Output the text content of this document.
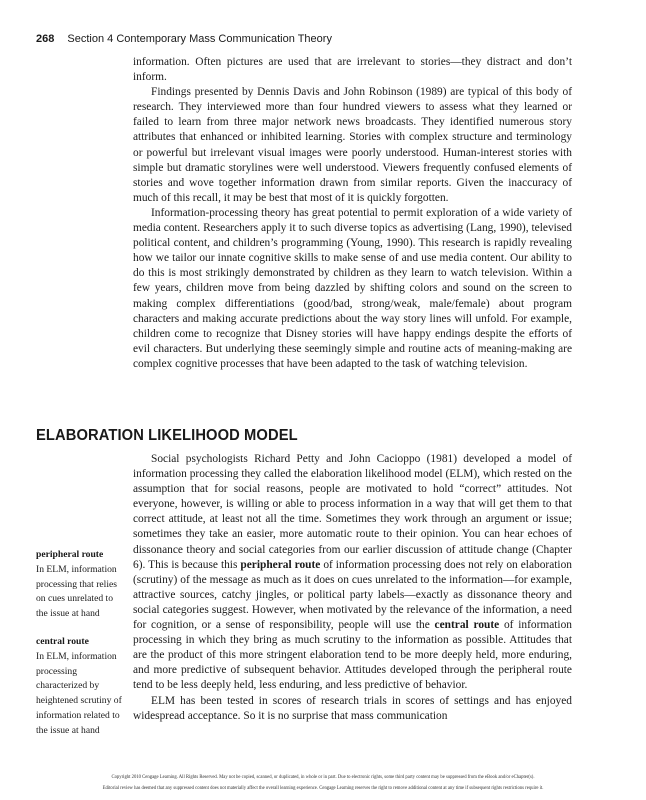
268 Section 4 Contemporary Mass Communication Theory

information. Often pictures are used that are irrelevant to stories—they distract and don’t inform.

Findings presented by Dennis Davis and John Robinson (1989) are typical of this body of research. They interviewed more than four hundred viewers to assess what they learned or failed to learn from three major network news broadcasts. They identified numerous story attributes that enhanced or inhibited learning. Stories with complex structure and terminology or powerful but irrelevant visual images were poorly understood. Human-interest stories with simple but dramatic storylines were well understood. Viewers frequently confused elements of stories and wove together information drawn from similar reports. Given the inaccuracy of much of this recall, it may be best that most of it is quickly forgotten.

Information-processing theory has great potential to permit exploration of a wide variety of media content. Researchers apply it to such diverse topics as advertising (Lang, 1990), televised political content, and children’s programming (Young, 1990). This research is rapidly revealing how we tailor our innate cognitive skills to make sense of and use media content. Our ability to do this is most strikingly demonstrated by children as they learn to watch television. Within a few years, children move from being dazzled by shifting colors and sound on the screen to making complex differentiations (good/bad, strong/weak, male/female) about program characters and making accurate predictions about the way story lines will unfold. For example, children come to recognize that Disney stories will have happy endings despite the efforts of evil characters. But underlying these seemingly simple and routine acts of meaning-making are complex cognitive processes that have been adapted to the task of watching television.

ELABORATION LIKELIHOOD MODEL

Social psychologists Richard Petty and John Cacioppo (1981) developed a model of information processing they called the elaboration likelihood model (ELM), which rested on the assumption that for social reasons, people are motivated to hold “correct” attitudes. Not everyone, however, is willing or able to process information in a way that will get them to that correct attitude, at least not all the time. Sometimes they work through an argument or issue; sometimes they take an easier, more automatic route to their opinion. You can hear echoes of dissonance theory and social categories from our earlier discussion of attitude change (Chapter 6). This is because this peripheral route of information processing does not rely on elaboration (scrutiny) of the message as much as it does on cues unrelated to the information—for example, attractive sources, catchy jingles, or political party labels—exactly as dissonance theory and social categories suggest. However, when motivated by the relevance of the information, a need for cognition, or a sense of responsibility, people will use the central route of information processing in which they bring as much scrutiny to the information as possible. Attitudes that are the product of this more stringent elaboration tend to be more deeply held, more enduring, and more predictive of subsequent behavior. Attitudes developed through the peripheral route tend to be less deeply held, less enduring, and less predictive of behavior.

ELM has been tested in scores of research trials in scores of settings and has enjoyed widespread acceptance. So it is no surprise that mass communication

peripheral route
In ELM, information processing that relies on cues unrelated to the issue at hand
central route
In ELM, information processing characterized by heightened scrutiny of information related to the issue at hand
Copyright 2010 Cengage Learning. All Rights Reserved. May not be copied, scanned, or duplicated, in whole or in part. Due to electronic rights, some third party content may be suppressed from the eBook and/or eChapter(s).
Editorial review has deemed that any suppressed content does not materially affect the overall learning experience. Cengage Learning reserves the right to remove additional content at any time if subsequent rights restrictions require it.
